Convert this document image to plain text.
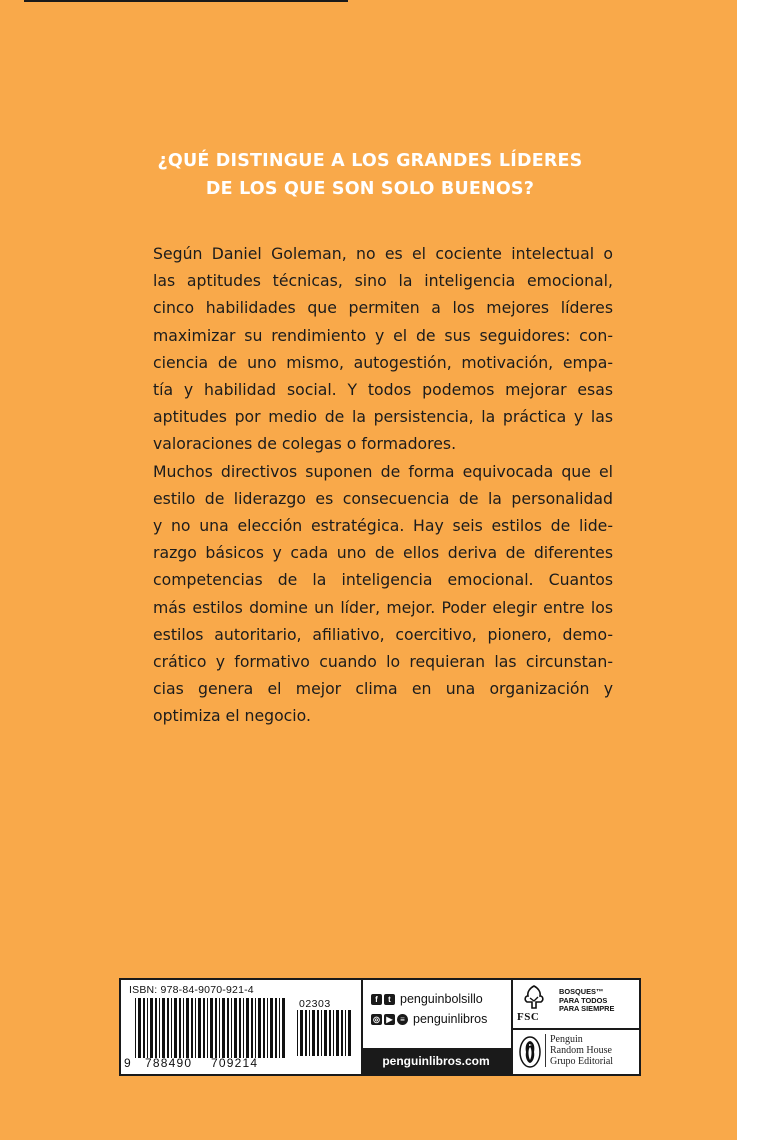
¿QUÉ DISTINGUE A LOS GRANDES LÍDERES
DE LOS QUE SON SOLO BUENOS?
Según Daniel Goleman, no es el cociente intelectual o
las aptitudes técnicas, sino la inteligencia emocional,
cinco habilidades que permiten a los mejores líderes
maximizar su rendimiento y el de sus seguidores: con-
ciencia de uno mismo, autogestión, motivación, empa-
tía y habilidad social. Y todos podemos mejorar esas
aptitudes por medio de la persistencia, la práctica y las
valoraciones de colegas o formadores.
Muchos directivos suponen de forma equivocada que el
estilo de liderazgo es consecuencia de la personalidad
y no una elección estratégica. Hay seis estilos de lide-
razgo básicos y cada uno de ellos deriva de diferentes
competencias de la inteligencia emocional. Cuantos
más estilos domine un líder, mejor. Poder elegir entre los
estilos autoritario, afiliativo, coercitivo, pionero, demo-
crático y formativo cuando lo requieran las circunstan-
cias genera el mejor clima en una organización y
optimiza el negocio.
ISBN: 978-84-9070-921-4
02303
9 788490 709214
f	t penguinbolsillo
◎ ▶ ≡ penguinlibros
penguinlibros.com
FSC
BOSQUES™
PARA TODOS
PARA SIEMPRE
Penguin
Random House
Grupo Editorial
